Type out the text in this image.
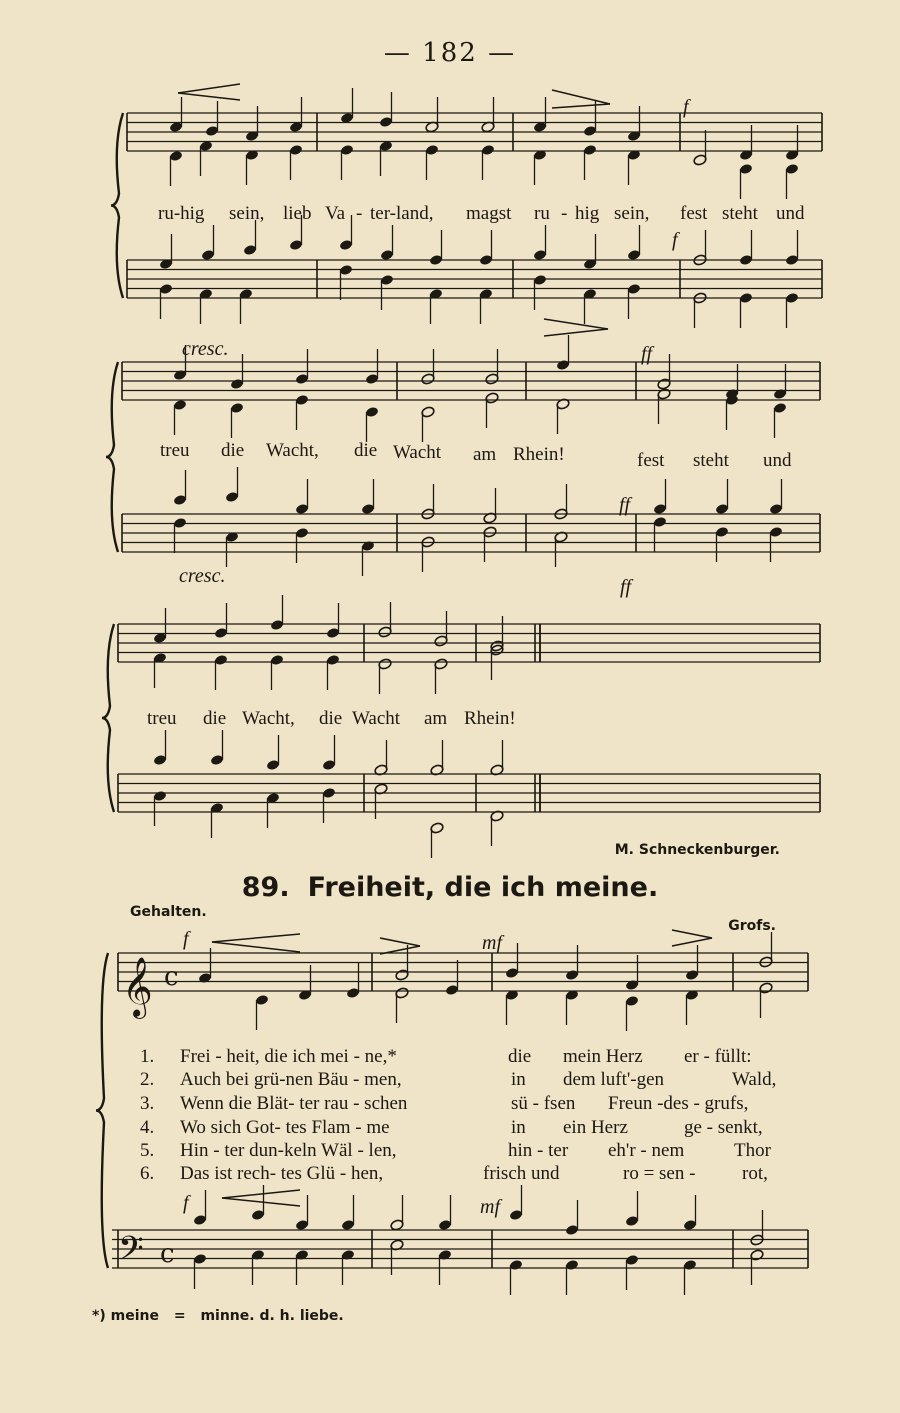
— 182 —
𝄞
𝄢
c
c
ru-hig sein, lieb Va - ter-land, magst ru - hig sein, fest steht und
f
f
treu die Wacht, die Wacht am Rhein!	fest steht und
cresc.	ff
ff
cresc.	ff
treu die Wacht, die Wacht am Rhein!
M. Schneckenburger.
89. Freiheit, die ich meine.
Gehalten.
Grofs.
f	mf
f	mf
1. Frei - heit, die ich mei - ne,*	die mein Herz er - füllt:
2. Auch bei grü-nen Bäu - men,	in dem luft'-gen	Wald,
3. Wenn die Blät- ter rau - schen	sü - fsen Freun -des - grufs,
4. Wo sich Got- tes Flam - me	in ein Herz	ge - senkt,
5. Hin - ter dun-keln Wäl - len,	hin - ter eh'r - nem	Thor
6. Das ist rech- tes Glü - hen,	frisch und	ro = sen - rot,
*) meine = minne. d. h. liebe.
